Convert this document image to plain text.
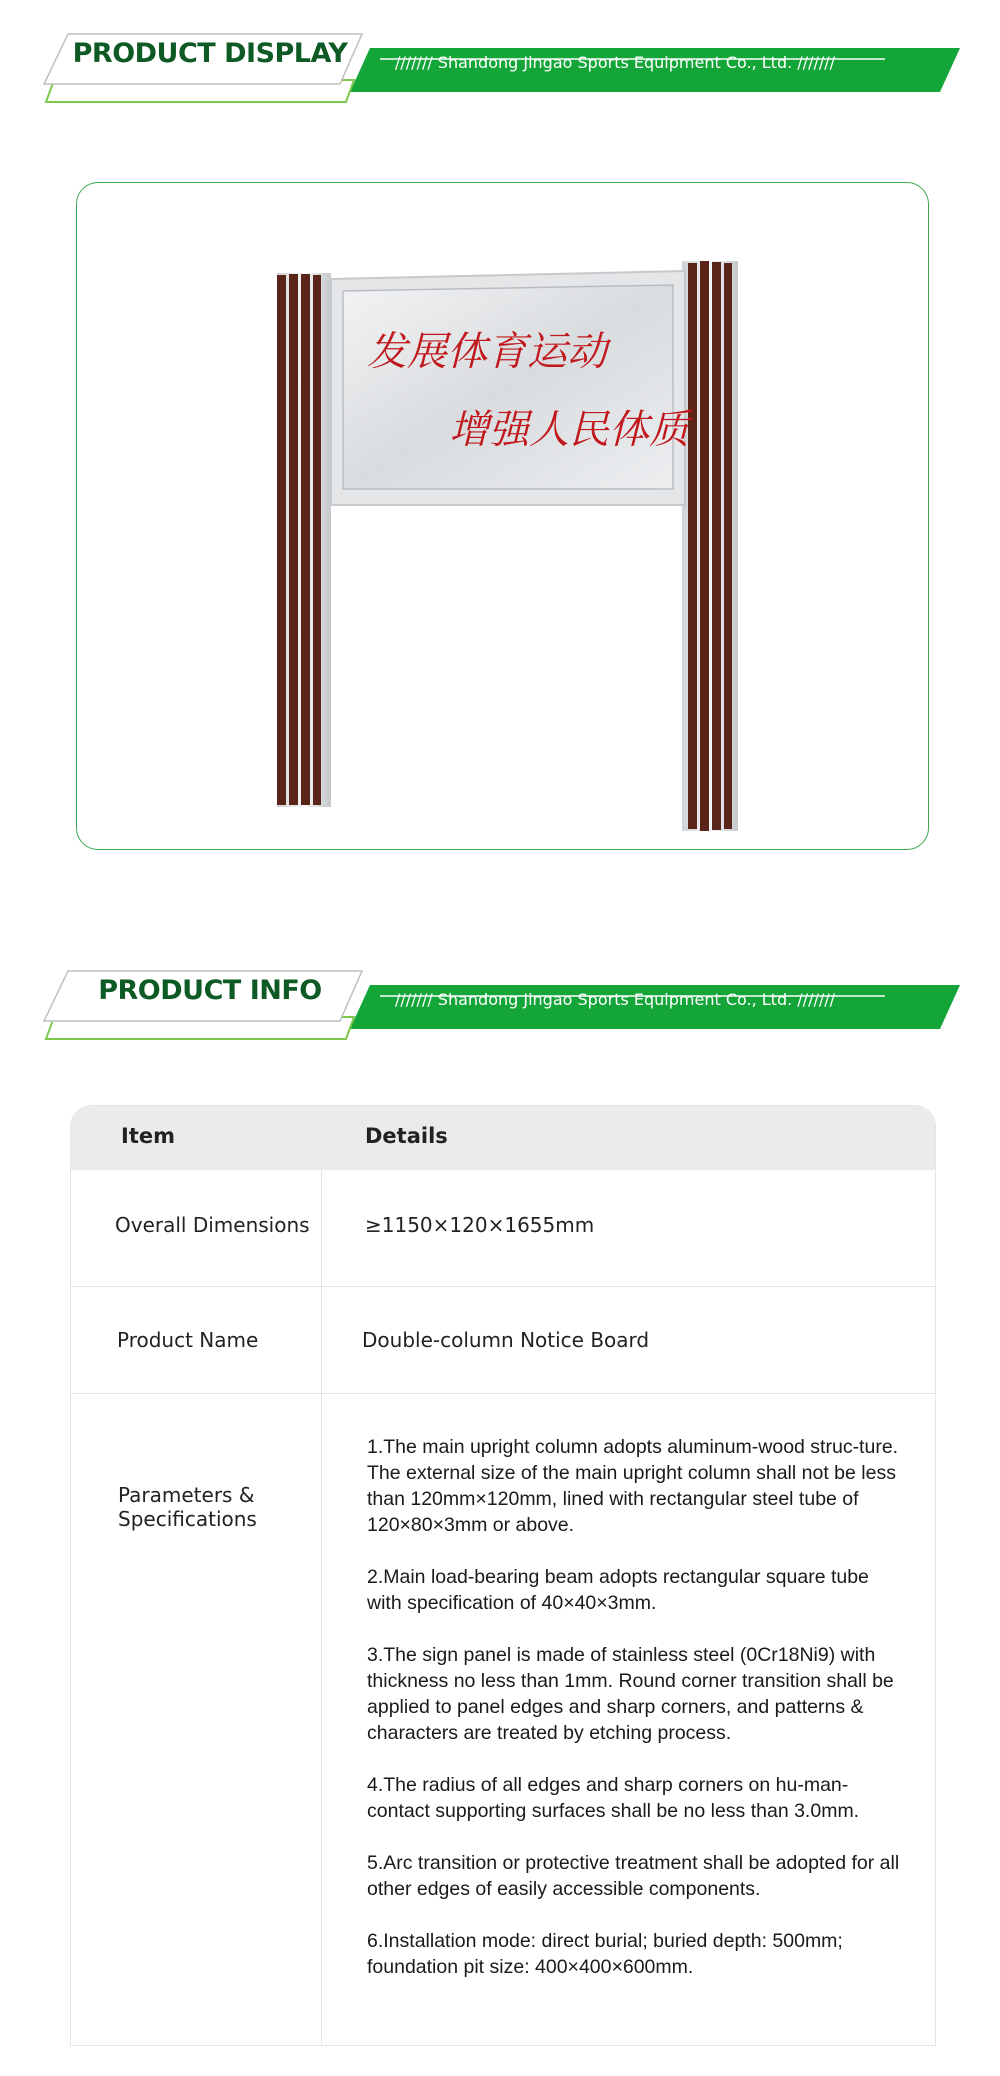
PRODUCT DISPLAY	/////// Shandong Jingao Sports Equipment Co., Ltd. ///////
发展体育运动
增强人民体质
PRODUCT INFO	/////// Shandong Jingao Sports Equipment Co., Ltd. ///////
Item	Details
Overall Dimensions	≥1150×120×1655mm
Product Name	Double-column Notice Board
Parameters & Specifications

1.The main upright column adopts aluminum-wood struc-ture. The external size of the main upright column shall not be less than 120mm×120mm, lined with rectangular steel tube of 120×80×3mm or above.

2.Main load-bearing beam adopts rectangular square tube with specification of 40×40×3mm.

3.The sign panel is made of stainless steel (0Cr18Ni9) with thickness no less than 1mm. Round corner transition shall be applied to panel edges and sharp corners, and patterns & characters are treated by etching process.

4.The radius of all edges and sharp corners on hu-man-contact supporting surfaces shall be no less than 3.0mm.

5.Arc transition or protective treatment shall be adopted for all other edges of easily accessible components.

6.Installation mode: direct burial; buried depth: 500mm; foundation pit size: 400×400×600mm.
